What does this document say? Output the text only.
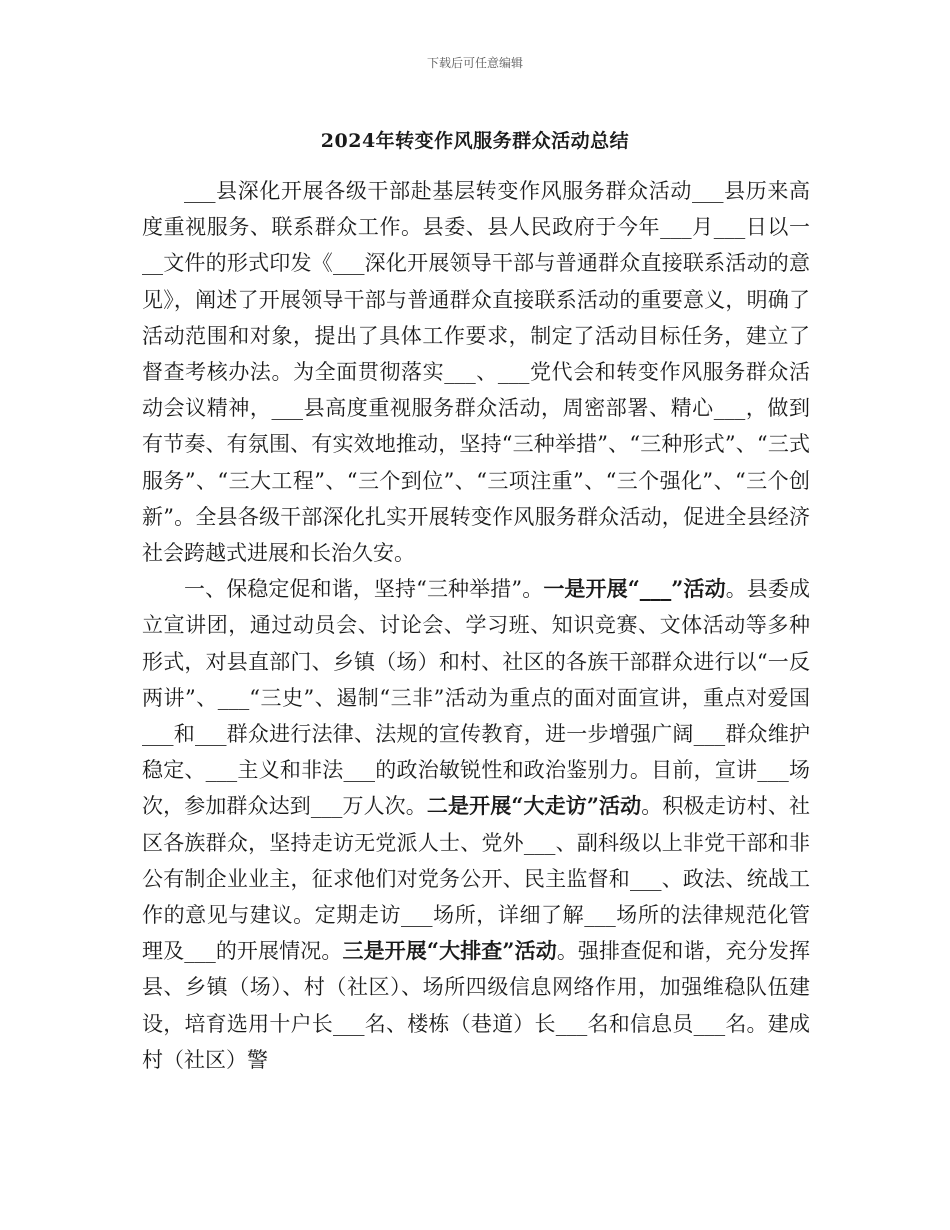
下载后可任意编辑
2024年转变作风服务群众活动总结

___县深化开展各级干部赴基层转变作风服务群众活动___县历来高度重视服务、联系群众工作。县委、县人民政府于今年___月___日以一__文件的形式印发《___深化开展领导干部与普通群众直接联系活动的意见》，阐述了开展领导干部与普通群众直接联系活动的重要意义，明确了活动范围和对象，提出了具体工作要求，制定了活动目标任务，建立了督查考核办法。为全面贯彻落实___、___党代会和转变作风服务群众活动会议精神，___县高度重视服务群众活动，周密部署、精心___，做到有节奏、有氛围、有实效地推动，坚持“三种举措”、“三种形式”、“三式服务”、“三大工程”、“三个到位”、“三项注重”、“三个强化”、“三个创新”。全县各级干部深化扎实开展转变作风服务群众活动，促进全县经济社会跨越式进展和长治久安。

一、保稳定促和谐，坚持“三种举措”。一是开展“___”活动。县委成立宣讲团，通过动员会、讨论会、学习班、知识竞赛、文体活动等多种形式，对县直部门、乡镇（场）和村、社区的各族干部群众进行以“一反两讲”、___“三史”、遏制“三非”活动为重点的面对面宣讲，重点对爱国___和___群众进行法律、法规的宣传教育，进一步增强广阔___群众维护稳定、___主义和非法___的政治敏锐性和政治鉴别力。目前，宣讲___场次，参加群众达到___万人次。二是开展“大走访”活动。积极走访村、社区各族群众，坚持走访无党派人士、党外___、副科级以上非党干部和非公有制企业业主，征求他们对党务公开、民主监督和___、政法、统战工作的意见与建议。定期走访___场所，详细了解___场所的法律规范化管理及___的开展情况。三是开展“大排查”活动。强排查促和谐，充分发挥县、乡镇（场）、村（社区）、场所四级信息网络作用，加强维稳队伍建设，培育选用十户长___名、楼栋（巷道）长___名和信息员___名。建成村（社区）警
